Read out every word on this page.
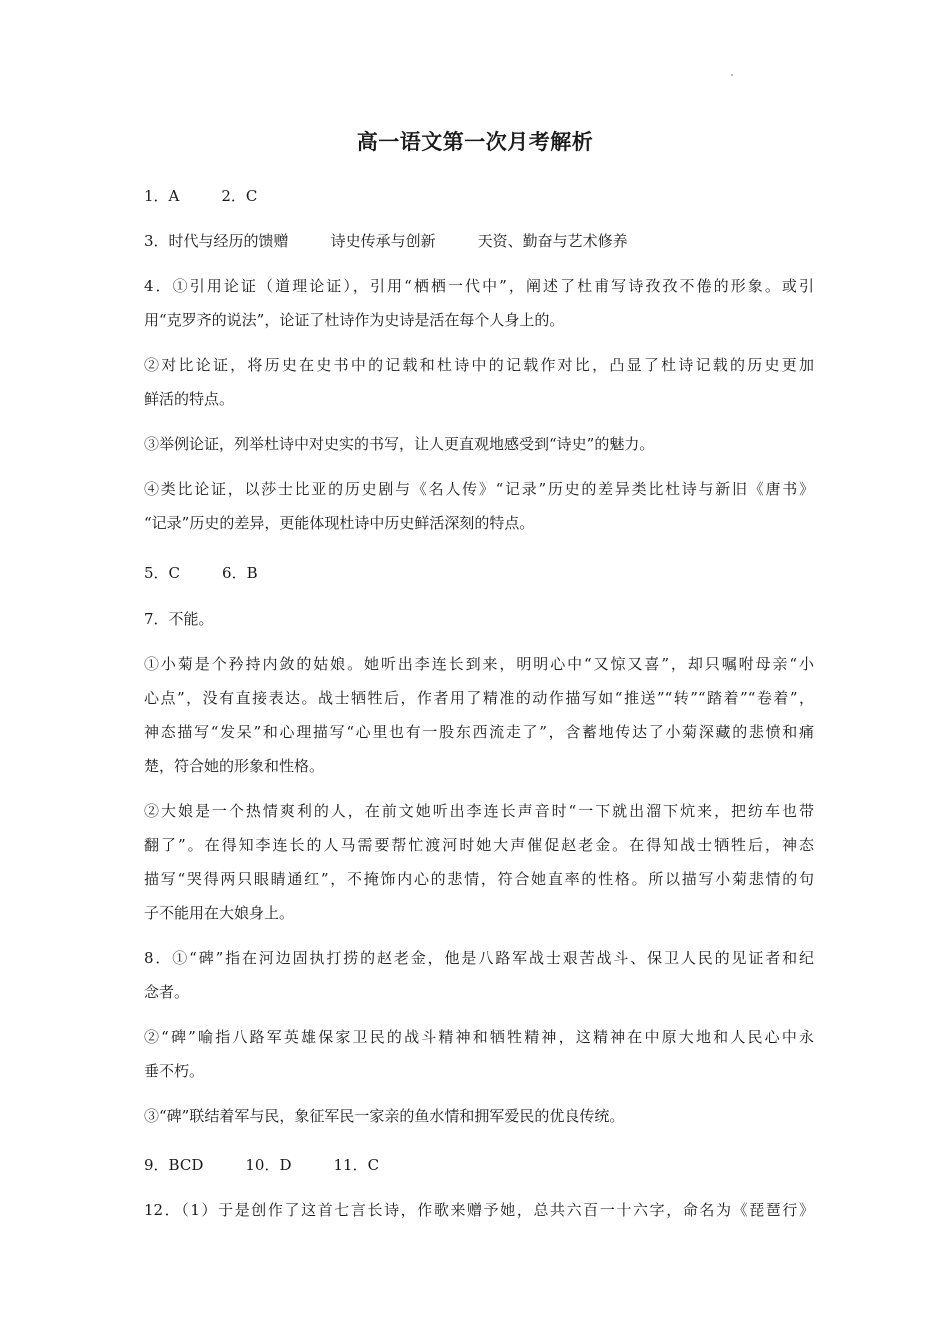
高一语文第一次月考解析
1．A	2．C
3．时代与经历的馈赠	诗史传承与创新	天资、勤奋与艺术修养
4．①引用论证（道理论证），引用“栖栖一代中”，阐述了杜甫写诗孜孜不倦的形象。或引
用“克罗齐的说法”，论证了杜诗作为史诗是活在每个人身上的。
②对比论证，将历史在史书中的记载和杜诗中的记载作对比，凸显了杜诗记载的历史更加
鲜活的特点。
③举例论证，列举杜诗中对史实的书写，让人更直观地感受到“诗史”的魅力。
④类比论证，以莎士比亚的历史剧与《名人传》“记录”历史的差异类比杜诗与新旧《唐书》
“记录”历史的差异，更能体现杜诗中历史鲜活深刻的特点。
5．C	6．B
7．不能。
①小菊是个矜持内敛的姑娘。她听出李连长到来，明明心中“又惊又喜”，却只嘱咐母亲“小
心点”，没有直接表达。战士牺牲后，作者用了精准的动作描写如“推送”“转”“踏着”“卷着”，
神态描写“发呆”和心理描写“心里也有一股东西流走了”，含蓄地传达了小菊深藏的悲愤和痛
楚，符合她的形象和性格。
②大娘是一个热情爽利的人，在前文她听出李连长声音时“一下就出溜下炕来，把纺车也带
翻了”。在得知李连长的人马需要帮忙渡河时她大声催促赵老金。在得知战士牺牲后，神态
描写“哭得两只眼睛通红”，不掩饰内心的悲情，符合她直率的性格。所以描写小菊悲情的句
子不能用在大娘身上。
8．①“碑”指在河边固执打捞的赵老金，他是八路军战士艰苦战斗、保卫人民的见证者和纪
念者。
②“碑”喻指八路军英雄保家卫民的战斗精神和牺牲精神，这精神在中原大地和人民心中永
垂不朽。
③“碑”联结着军与民，象征军民一家亲的鱼水情和拥军爱民的优良传统。
9．BCD	10．D	11．C
12．（1）于是创作了这首七言长诗，作歌来赠予她，总共六百一十六字，命名为《琵琶行》
